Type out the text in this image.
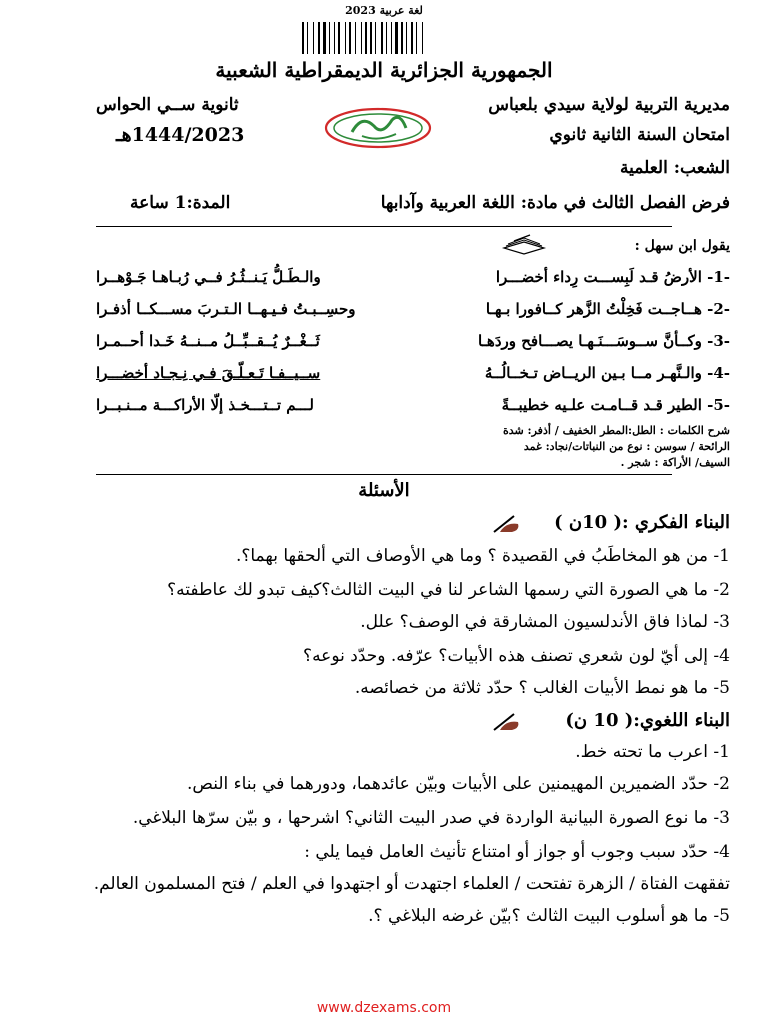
لغة عربية 2023
الجمهورية الجزائرية الديمقراطية الشعبية
مديرية التربية لولاية سيدي بلعباس
ثانوية ســي الحواس
امتحان السنة الثانية ثانوي
1444/2023هـ
الشعب: العلمية
فرض الفصل الثالث في مادة: اللغة العربية وآدابها
المدة:1 ساعة
يقول ابن سهل :
-1- الأرضُ قـد لَبِســـت رِداء أخضـــرا
والـطَـلُّ يَـنــثُـرُ فــي رُبـاهـا جَـوْهــرا
-2- هــاجــت فَخِلْتُ الزَّهر كــافورا بـهـا
وحسِــبـتُ فـيـهــا الـتـربَ مســـكــا أذفـرا
-3- وكــأنَّ ســوسَـــنَـهـا يصـــافح وردَهـا
ثَــغْــرٌ يُــقــبِّــلُ مــنــهُ خَـدا أحــمـرا
-4- والـنَّهـر مــا بـين الريــاض تـخــالُــهُ
ســيــفـا تَـعـلّـقَ فـي نِـجـاد أخضـــرا
-5- الطير قـد قــامـت علـيه خطيبــةً
لـــم تــتـــخـذ إلّا الأراكـــة مــنـبــرا
شرح الكلمات : الطل:المطر الخفيف / أذفر: شدة
الرائحة / سوسن : نوع من النباتات/نجاد: غمد
السيف/ الأراكة : شجر .
الأسئلة
البناء الفكري :( 10ن )
1- من هو المخاطَبُ في القصيدة ؟ وما هي الأوصاف التي ألحقها بهما؟.
2- ما هي الصورة التي رسمها الشاعر لنا في البيت الثالث؟كيف تبدو لك عاطفته؟
3- لماذا فاق الأندلسيون المشارقة في الوصف؟ علل.
4- إلى أيّ لون شعري تصنف هذه الأبيات؟ عرّفه. وحدّد نوعه؟
5- ما هو نمط الأبيات الغالب ؟ حدّد ثلاثة من خصائصه.
البناء اللغوي:( 10 ن)
1- اعرب ما تحته خط.
2- حدّد الضميرين المهيمنين على الأبيات وبيّن عائدهما، ودورهما في بناء النص.
3- ما نوع الصورة البيانية الواردة في صدر البيت الثاني؟ اشرحها ، و بيّن سرّها البلاغي.
4- حدّد سبب وجوب أو جواز أو امتناع تأنيث العامل فيما يلي :
تفقهت الفتاة / الزهرة تفتحت / العلماء اجتهدت أو اجتهدوا في العلم / فتح المسلمون العالم.
5- ما هو أسلوب البيت الثالث ؟بيّن غرضه البلاغي ؟.
www.dzexams.com
